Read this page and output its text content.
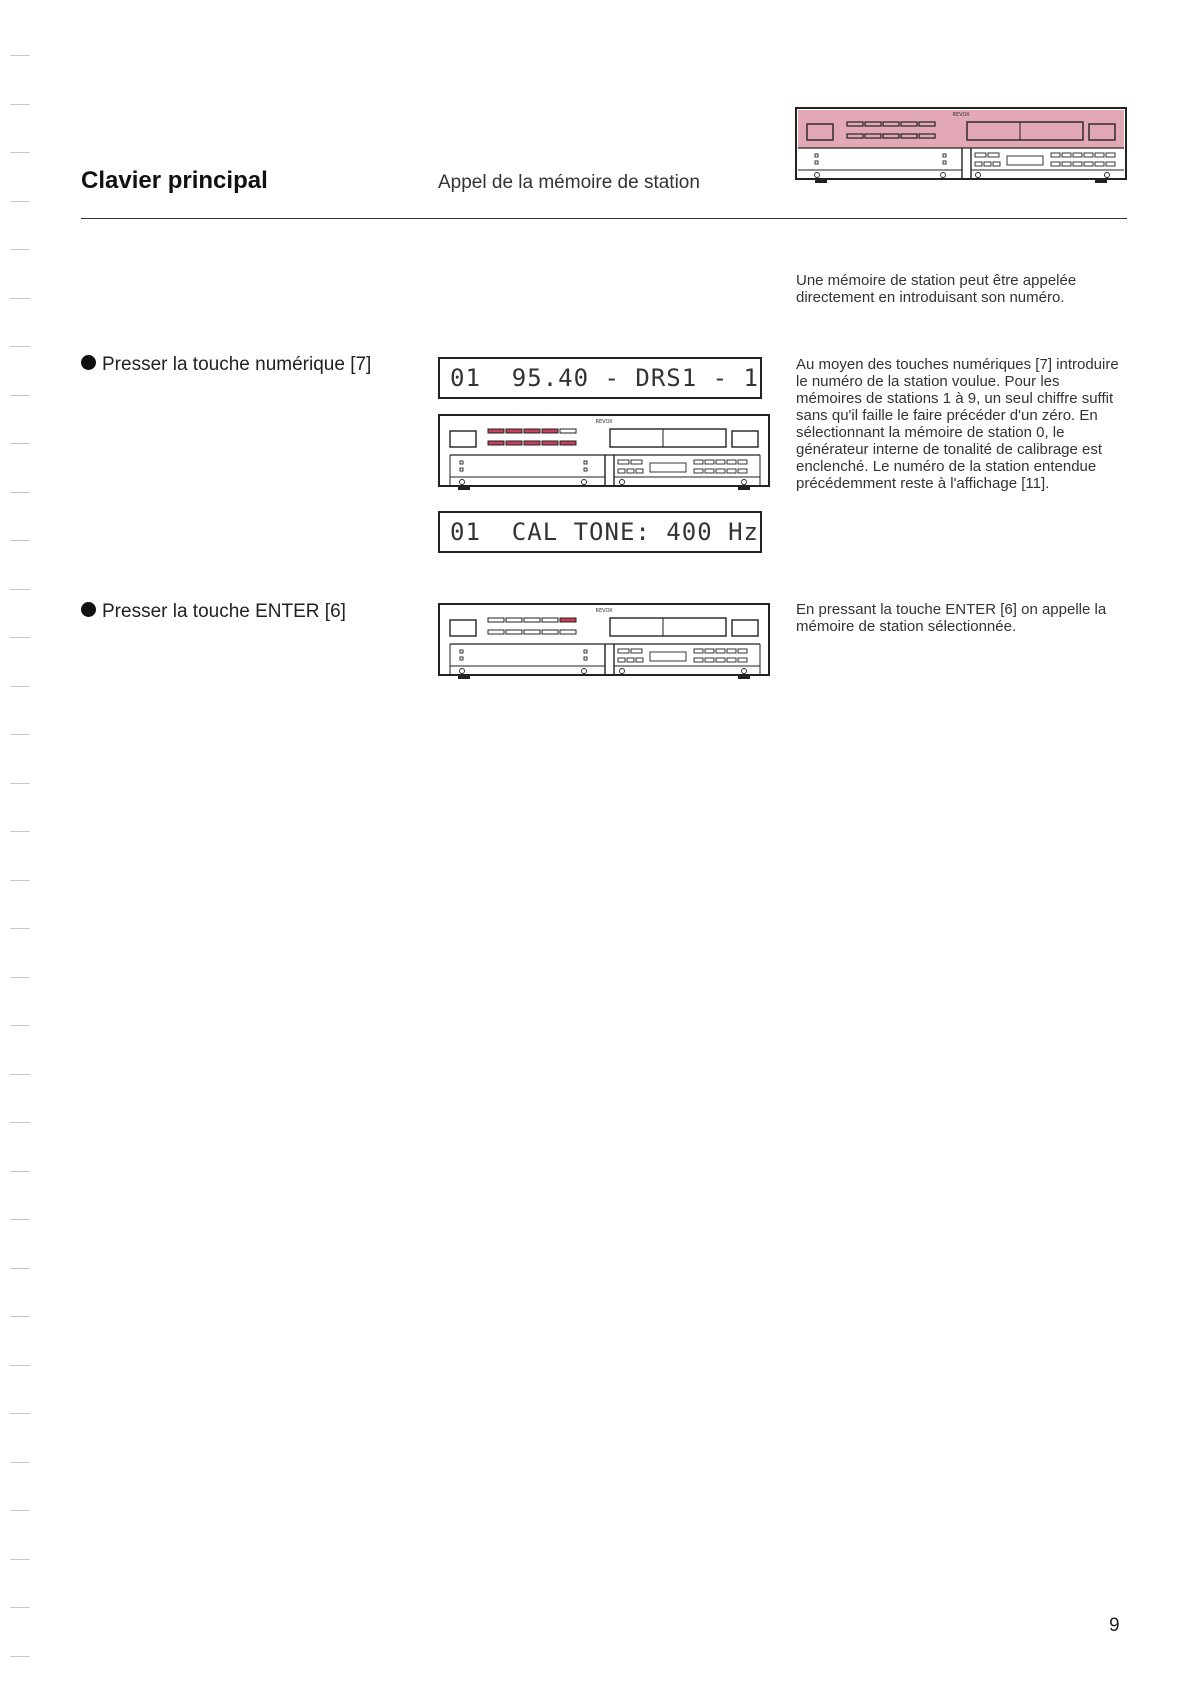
Clavier principal	Appel de la mémoire de station
REVOX
Une mémoire de station peut être appelée directement en introduisant son numéro.
Presser la touche numérique [7]

	01  95.40 - DRS1 - 1

REVOX

01  CAL TONE: 400 Hz

Au moyen des touches numériques [7] introduire le numéro de la station voulue. Pour les mémoires de stations 1 à 9, un seul chiffre suffit sans qu'il faille le faire précéder d'un zéro. En sélectionnant la mémoire de station 0, le générateur interne de tonalité de calibrage est enclenché. Le numéro de la station entendue précédemment reste à l'affichage [11].
Presser la touche ENTER [6]	REVOX	En pressant la touche ENTER [6] on appelle la mémoire de station sélectionnée.
9
